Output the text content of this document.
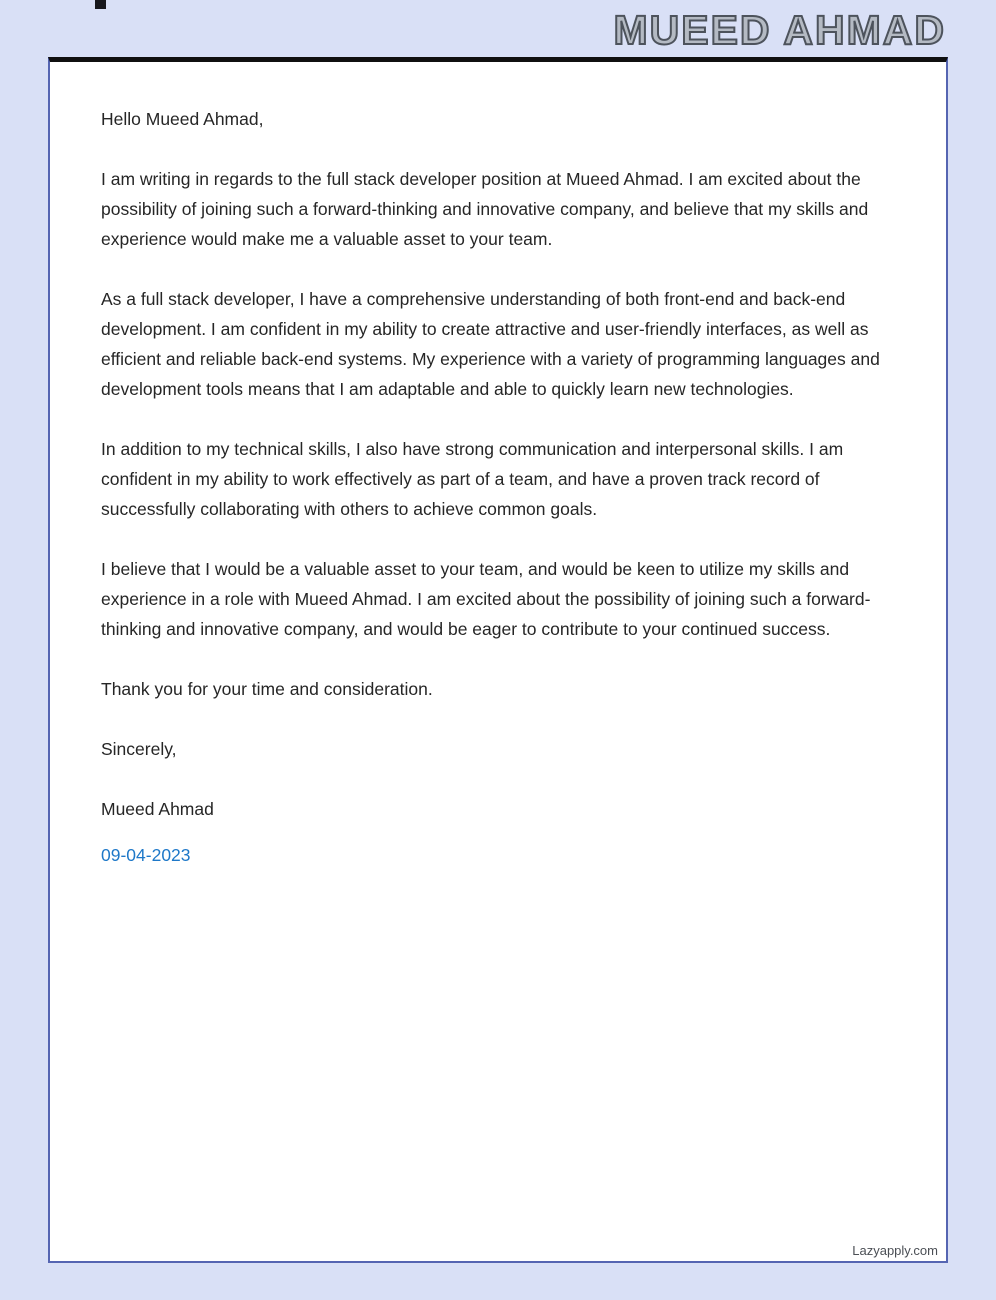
MUEED AHMAD

Hello Mueed Ahmad,

I am writing in regards to the full stack developer position at Mueed Ahmad. I am excited about the possibility of joining such a forward-thinking and innovative company, and believe that my skills and experience would make me a valuable asset to your team.

As a full stack developer, I have a comprehensive understanding of both front-end and back-end development. I am confident in my ability to create attractive and user-friendly interfaces, as well as efficient and reliable back-end systems. My experience with a variety of programming languages and development tools means that I am adaptable and able to quickly learn new technologies.

In addition to my technical skills, I also have strong communication and interpersonal skills. I am confident in my ability to work effectively as part of a team, and have a proven track record of successfully collaborating with others to achieve common goals.

I believe that I would be a valuable asset to your team, and would be keen to utilize my skills and experience in a role with Mueed Ahmad. I am excited about the possibility of joining such a forward-thinking and innovative company, and would be eager to contribute to your continued success.

Thank you for your time and consideration.

Sincerely,

Mueed Ahmad

09-04-2023

Lazyapply.com
